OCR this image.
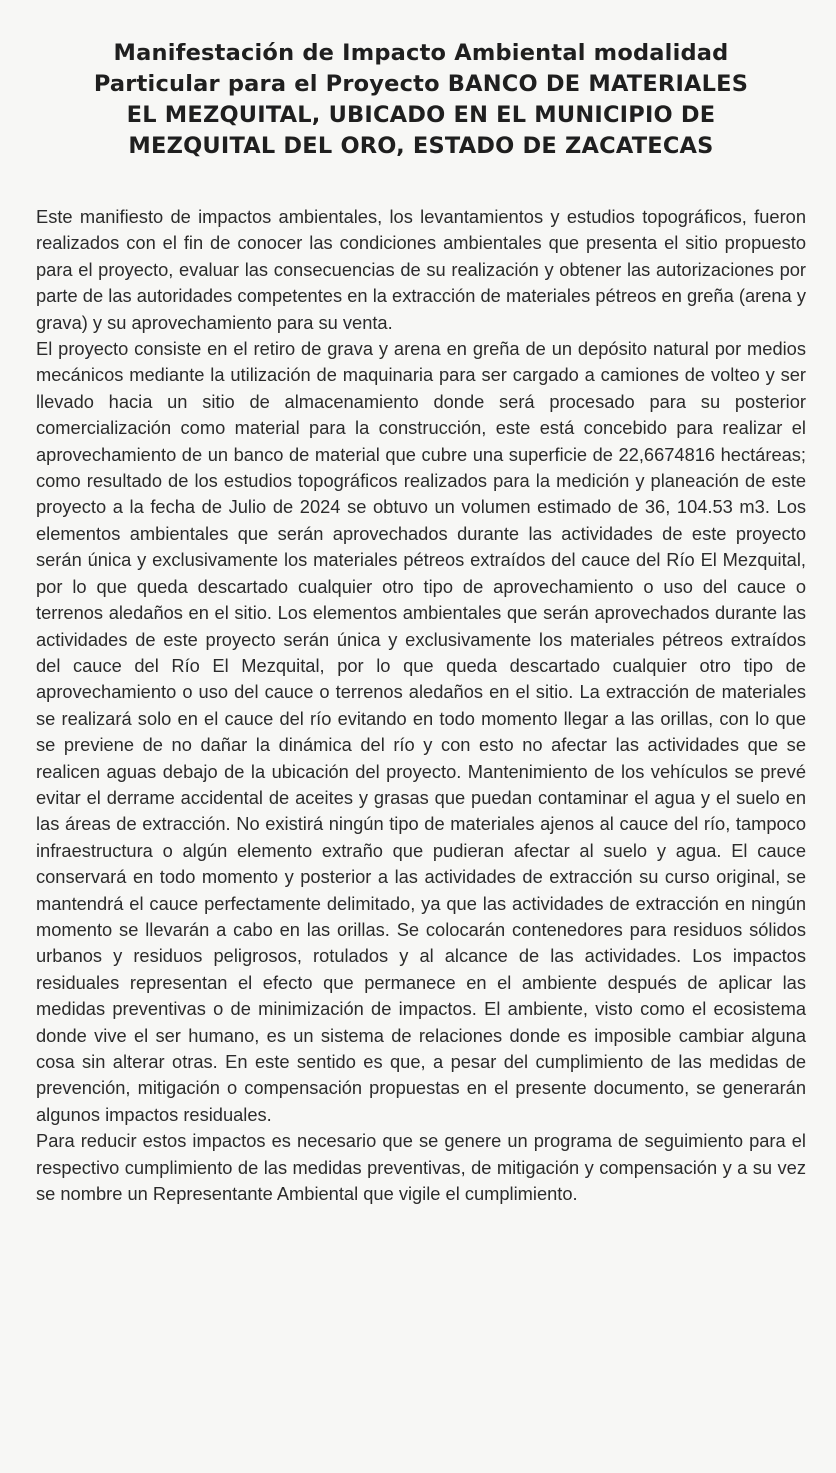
Manifestación de Impacto Ambiental modalidad
Particular para el Proyecto BANCO DE MATERIALES
EL MEZQUITAL, UBICADO EN EL MUNICIPIO DE
MEZQUITAL DEL ORO, ESTADO DE ZACATECAS

Este manifiesto de impactos ambientales, los levantamientos y estudios topográficos, fueron realizados con el fin de conocer las condiciones ambientales que presenta el sitio propuesto para el proyecto, evaluar las consecuencias de su realización y obtener las autorizaciones por parte de las autoridades competentes en la extracción de materiales pétreos en greña (arena y grava) y su aprovechamiento para su venta.

El proyecto consiste en el retiro de grava y arena en greña de un depósito natural por medios mecánicos mediante la utilización de maquinaria para ser cargado a camiones de volteo y ser llevado hacia un sitio de almacenamiento donde será procesado para su posterior comercialización como material para la construcción, este está concebido para realizar el aprovechamiento de un banco de material que cubre una superficie de 22,6674816 hectáreas; como resultado de los estudios topográficos realizados para la medición y planeación de este proyecto a la fecha de Julio de 2024 se obtuvo un volumen estimado de 36, 104.53 m3. Los elementos ambientales que serán aprovechados durante las actividades de este proyecto serán única y exclusivamente los materiales pétreos extraídos del cauce del Río El Mezquital, por lo que queda descartado cualquier otro tipo de aprovechamiento o uso del cauce o terrenos aledaños en el sitio. Los elementos ambientales que serán aprovechados durante las actividades de este proyecto serán única y exclusivamente los materiales pétreos extraídos del cauce del Río El Mezquital, por lo que queda descartado cualquier otro tipo de aprovechamiento o uso del cauce o terrenos aledaños en el sitio. La extracción de materiales se realizará solo en el cauce del río evitando en todo momento llegar a las orillas, con lo que se previene de no dañar la dinámica del río y con esto no afectar las actividades que se realicen aguas debajo de la ubicación del proyecto. Mantenimiento de los vehículos se prevé evitar el derrame accidental de aceites y grasas que puedan contaminar el agua y el suelo en las áreas de extracción. No existirá ningún tipo de materiales ajenos al cauce del río, tampoco infraestructura o algún elemento extraño que pudieran afectar al suelo y agua. El cauce conservará en todo momento y posterior a las actividades de extracción su curso original, se mantendrá el cauce perfectamente delimitado, ya que las actividades de extracción en ningún momento se llevarán a cabo en las orillas. Se colocarán contenedores para residuos sólidos urbanos y residuos peligrosos, rotulados y al alcance de las actividades. Los impactos residuales representan el efecto que permanece en el ambiente después de aplicar las medidas preventivas o de minimización de impactos. El ambiente, visto como el ecosistema donde vive el ser humano, es un sistema de relaciones donde es imposible cambiar alguna cosa sin alterar otras. En este sentido es que, a pesar del cumplimiento de las medidas de prevención, mitigación o compensación propuestas en el presente documento, se generarán algunos impactos residuales.

Para reducir estos impactos es necesario que se genere un programa de seguimiento para el respectivo cumplimiento de las medidas preventivas, de mitigación y compensación y a su vez se nombre un Representante Ambiental que vigile el cumplimiento.
